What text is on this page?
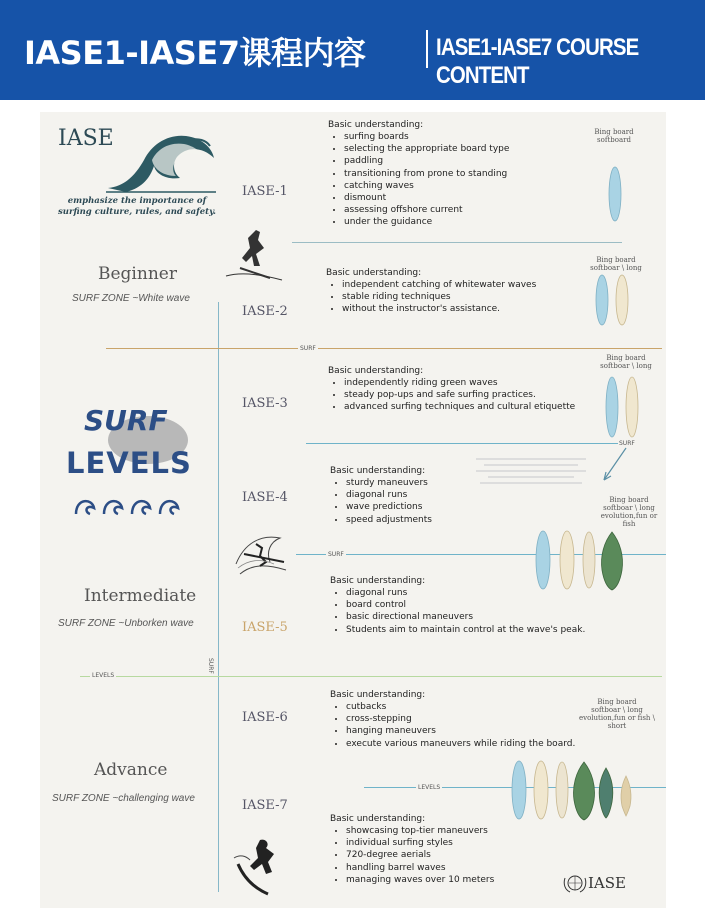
IASE1-IASE7课程内容	IASE1-IASE7 COURSE CONTENT
IASE
emphasize the importance of surfing culture, rules, and safety.
SURF
IASE-1
Basic understanding:
• surfing boards
• selecting the appropriate board type
• paddling
• transitioning from prone to standing
• catching waves
• dismount
• assessing offshore current
• under the guidance
Bing board
softboard
Beginner
SURF ZONE ~White wave
IASE-2
Basic understanding:
• independent catching of whitewater waves
• stable riding techniques
• without the instructor's assistance.
Bing board
softboar \ long
SURF
IASE-3
Basic understanding:
• independently riding green waves
• steady pop-ups and safe surfing practices.
• advanced surfing techniques and cultural etiquette
Bing board
softboar \ long
SURF
LEVELS
SURF
IASE-4
Basic understanding:
• sturdy maneuvers
• diagonal runs
• wave predictions
• speed adjustments
Bing board
softboar \ long
evolution,fun or fish
SURF
Intermediate
SURF ZONE ~Unborken wave	IASE-5
Basic understanding:
• diagonal runs
• board control
• basic directional maneuvers
• Students aim to maintain control at the wave's peak.
LEVELS
IASE-6
Basic understanding:
• cutbacks
• cross-stepping
• hanging maneuvers
• execute various maneuvers while riding the board.
Bing board
softboar \ long
evolution,fun or fish \ short
Advance
SURF ZONE ~challenging wave
LEVELS
IASE-7
Basic understanding:
• showcasing top-tier maneuvers
• individual surfing styles
• 720-degree aerials
• handling barrel waves
• managing waves over 10 meters	IASE
